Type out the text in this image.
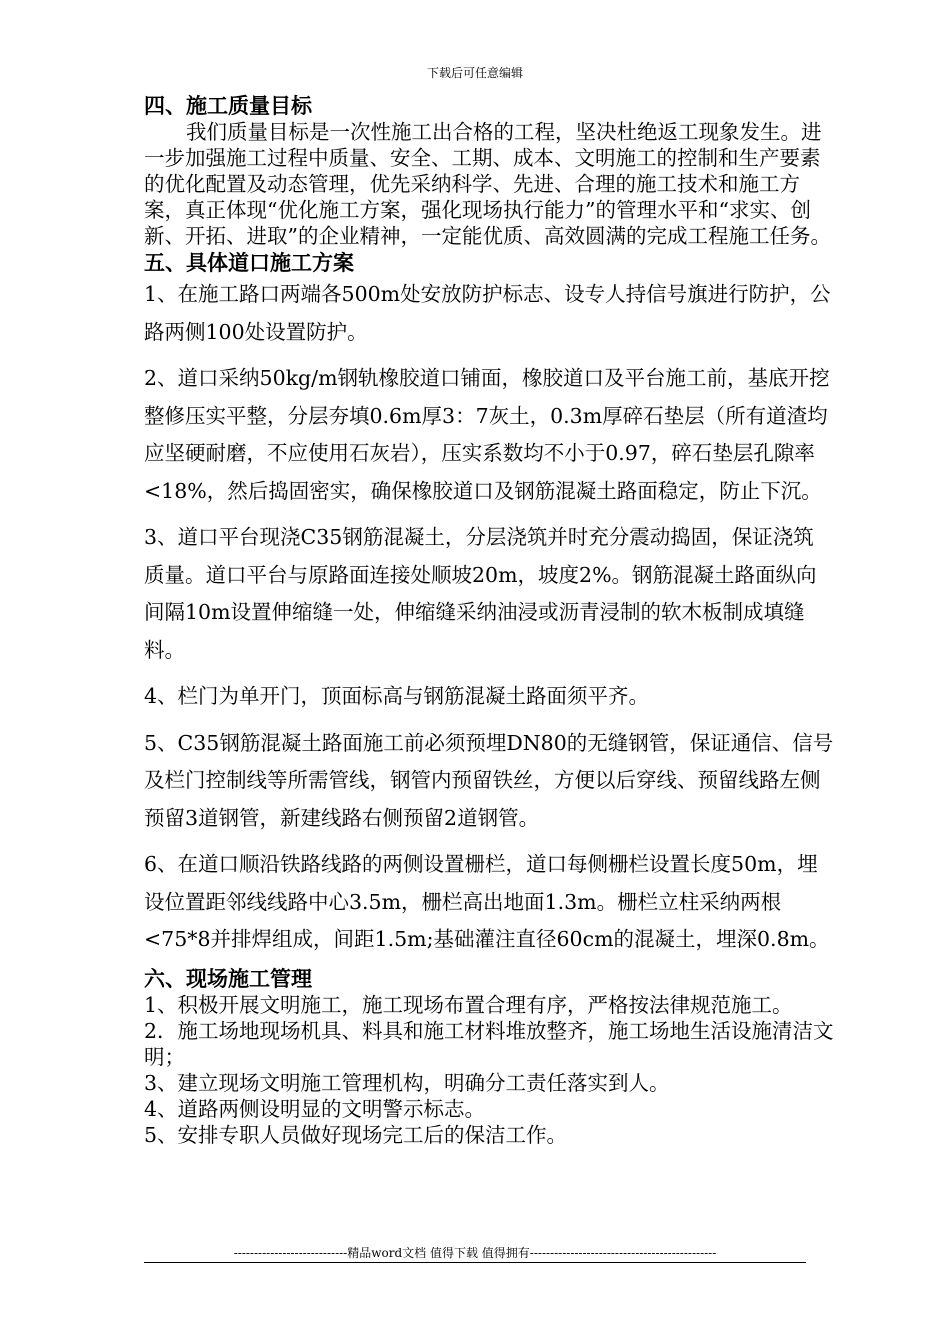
下载后可任意编辑
四、施工质量目标
我们质量目标是一次性施工出合格的工程，坚决杜绝返工现象发生。进一步加强施工过程中质量、安全、工期、成本、文明施工的控制和生产要素的优化配置及动态管理，优先采纳科学、先进、合理的施工技术和施工方案，真正体现“优化施工方案，强化现场执行能力”的管理水平和“求实、创新、开拓、进取”的企业精神，一定能优质、高效圆满的完成工程施工任务。
五、具体道口施工方案
1、在施工路口两端各500m处安放防护标志、设专人持信号旗进行防护，公路两侧100处设置防护。
2、道口采纳50kg/m钢轨橡胶道口铺面，橡胶道口及平台施工前，基底开挖整修压实平整，分层夯填0.6m厚3：7灰土，0.3m厚碎石垫层（所有道渣均应坚硬耐磨，不应使用石灰岩），压实系数均不小于0.97，碎石垫层孔隙率<18%，然后捣固密实，确保橡胶道口及钢筋混凝土路面稳定，防止下沉。
3、道口平台现浇C35钢筋混凝土，分层浇筑并时充分震动捣固，保证浇筑质量。道口平台与原路面连接处顺坡20m，坡度2%。钢筋混凝土路面纵向间隔10m设置伸缩缝一处，伸缩缝采纳油浸或沥青浸制的软木板制成填缝料。
4、栏门为单开门，顶面标高与钢筋混凝土路面须平齐。
5、C35钢筋混凝土路面施工前必须预埋DN80的无缝钢管，保证通信、信号及栏门控制线等所需管线，钢管内预留铁丝，方便以后穿线、预留线路左侧预留3道钢管，新建线路右侧预留2道钢管。
6、在道口顺沿铁路线路的两侧设置栅栏，道口每侧栅栏设置长度50m，埋设位置距邻线线路中心3.5m，栅栏高出地面1.3m。栅栏立柱采纳两根<75*8并排焊组成，间距1.5m;基础灌注直径60cm的混凝土，埋深0.8m。
六、现场施工管理
1、积极开展文明施工，施工现场布置合理有序，严格按法律规范施工。
2．施工场地现场机具、料具和施工材料堆放整齐，施工场地生活设施清洁文明；
3、建立现场文明施工管理机构，明确分工责任落实到人。
4、道路两侧设明显的文明警示标志。
5、安排专职人员做好现场完工后的保洁工作。
----------------------------精品word文档 值得下载 值得拥有----------------------------------------------
